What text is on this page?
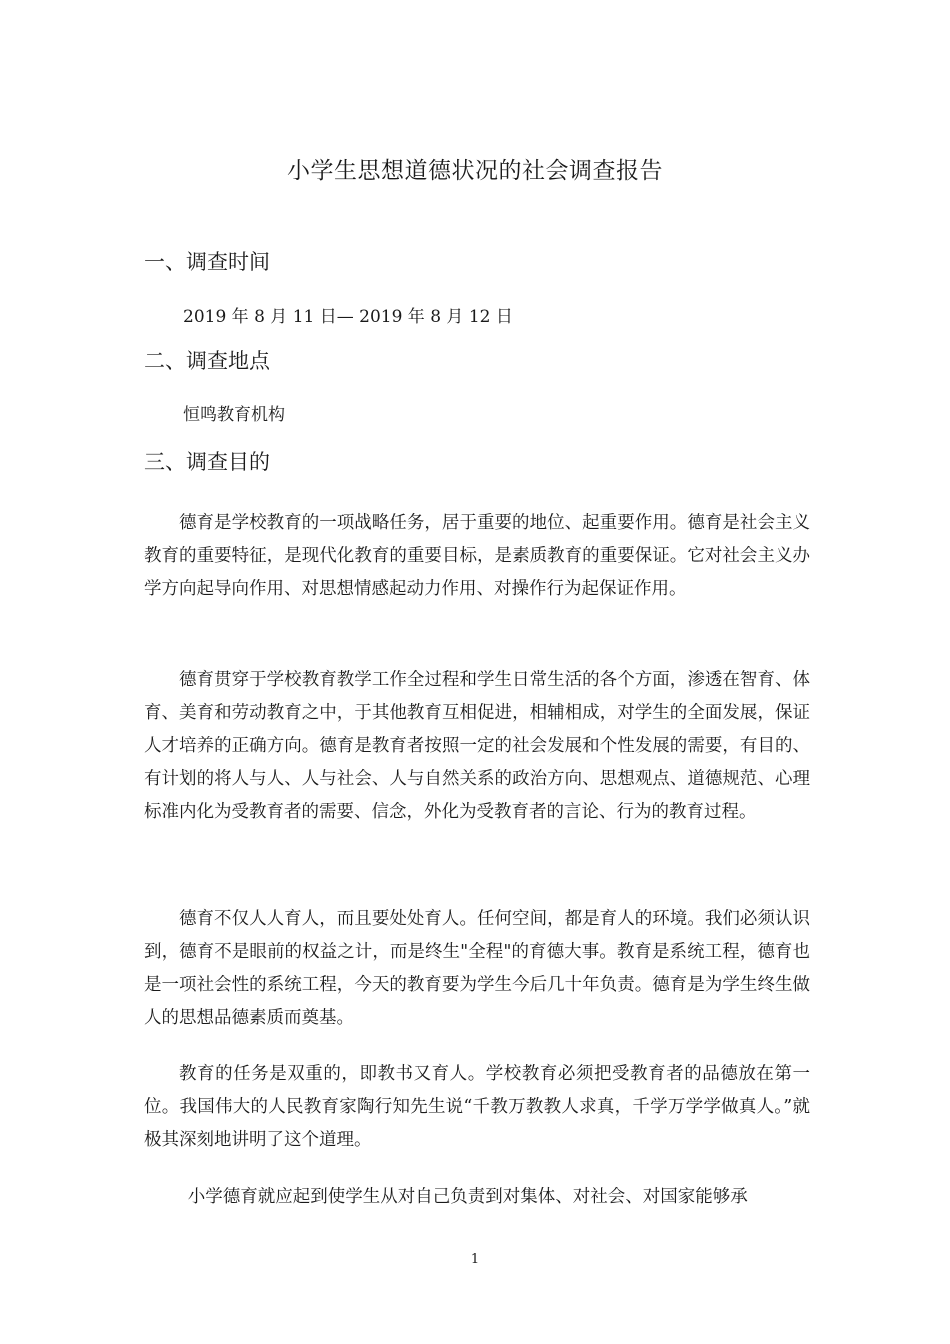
小学生思想道德状况的社会调查报告
一、调查时间

2019 年 8 月 11 日— 2019 年 8 月 12 日

二、调查地点

恒鸣教育机构

三、调查目的

德育是学校教育的一项战略任务，居于重要的地位、起重要作用。德育是社会主义教育的重要特征，是现代化教育的重要目标，是素质教育的重要保证。它对社会主义办学方向起导向作用、对思想情感起动力作用、对操作行为起保证作用。

德育贯穿于学校教育教学工作全过程和学生日常生活的各个方面，渗透在智育、体育、美育和劳动教育之中，于其他教育互相促进，相辅相成，对学生的全面发展，保证人才培养的正确方向。德育是教育者按照一定的社会发展和个性发展的需要，有目的、有计划的将人与人、人与社会、人与自然关系的政治方向、思想观点、道德规范、心理标准内化为受教育者的需要、信念，外化为受教育者的言论、行为的教育过程。

德育不仅人人育人，而且要处处育人。任何空间，都是育人的环境。我们必须认识到，德育不是眼前的权益之计，而是终生"全程"的育德大事。教育是系统工程，德育也是一项社会性的系统工程，今天的教育要为学生今后几十年负责。德育是为学生终生做人的思想品德素质而奠基。

教育的任务是双重的，即教书又育人。学校教育必须把受教育者的品德放在第一位。我国伟大的人民教育家陶行知先生说“千教万教教人求真，千学万学学做真人。”就极其深刻地讲明了这个道理。

小学德育就应起到使学生从对自己负责到对集体、对社会、对国家能够承

1
